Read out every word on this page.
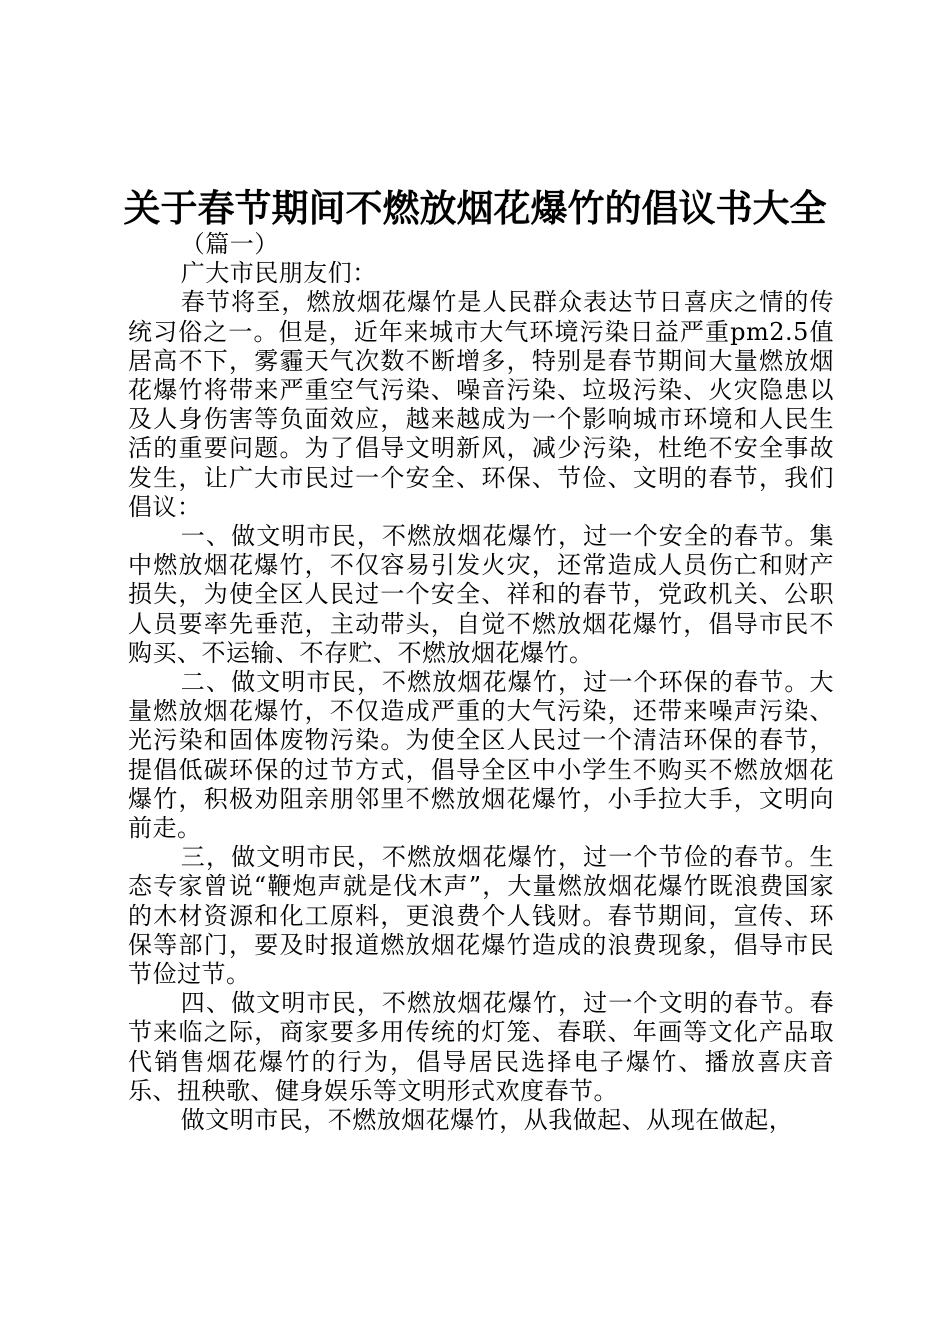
关于春节期间不燃放烟花爆竹的倡议书大全

（篇一）

广大市民朋友们：

春节将至，燃放烟花爆竹是人民群众表达节日喜庆之情的传统习俗之一。但是，近年来城市大气环境污染日益严重pm2.5值居高不下，雾霾天气次数不断增多，特别是春节期间大量燃放烟花爆竹将带来严重空气污染、噪音污染、垃圾污染、火灾隐患以及人身伤害等负面效应，越来越成为一个影响城市环境和人民生活的重要问题。为了倡导文明新风，减少污染，杜绝不安全事故发生，让广大市民过一个安全、环保、节俭、文明的春节，我们倡议：

一、做文明市民，不燃放烟花爆竹，过一个安全的春节。集中燃放烟花爆竹，不仅容易引发火灾，还常造成人员伤亡和财产损失，为使全区人民过一个安全、祥和的春节，党政机关、公职人员要率先垂范，主动带头，自觉不燃放烟花爆竹，倡导市民不购买、不运输、不存贮、不燃放烟花爆竹。

二、做文明市民，不燃放烟花爆竹，过一个环保的春节。大量燃放烟花爆竹，不仅造成严重的大气污染，还带来噪声污染、光污染和固体废物污染。为使全区人民过一个清洁环保的春节，提倡低碳环保的过节方式，倡导全区中小学生不购买不燃放烟花爆竹，积极劝阻亲朋邻里不燃放烟花爆竹，小手拉大手，文明向前走。

三，做文明市民，不燃放烟花爆竹，过一个节俭的春节。生态专家曾说“鞭炮声就是伐木声”，大量燃放烟花爆竹既浪费国家的木材资源和化工原料，更浪费个人钱财。春节期间，宣传、环保等部门，要及时报道燃放烟花爆竹造成的浪费现象，倡导市民节俭过节。

四、做文明市民，不燃放烟花爆竹，过一个文明的春节。春节来临之际，商家要多用传统的灯笼、春联、年画等文化产品取代销售烟花爆竹的行为，倡导居民选择电子爆竹、播放喜庆音乐、扭秧歌、健身娱乐等文明形式欢度春节。

做文明市民，不燃放烟花爆竹，从我做起、从现在做起，
